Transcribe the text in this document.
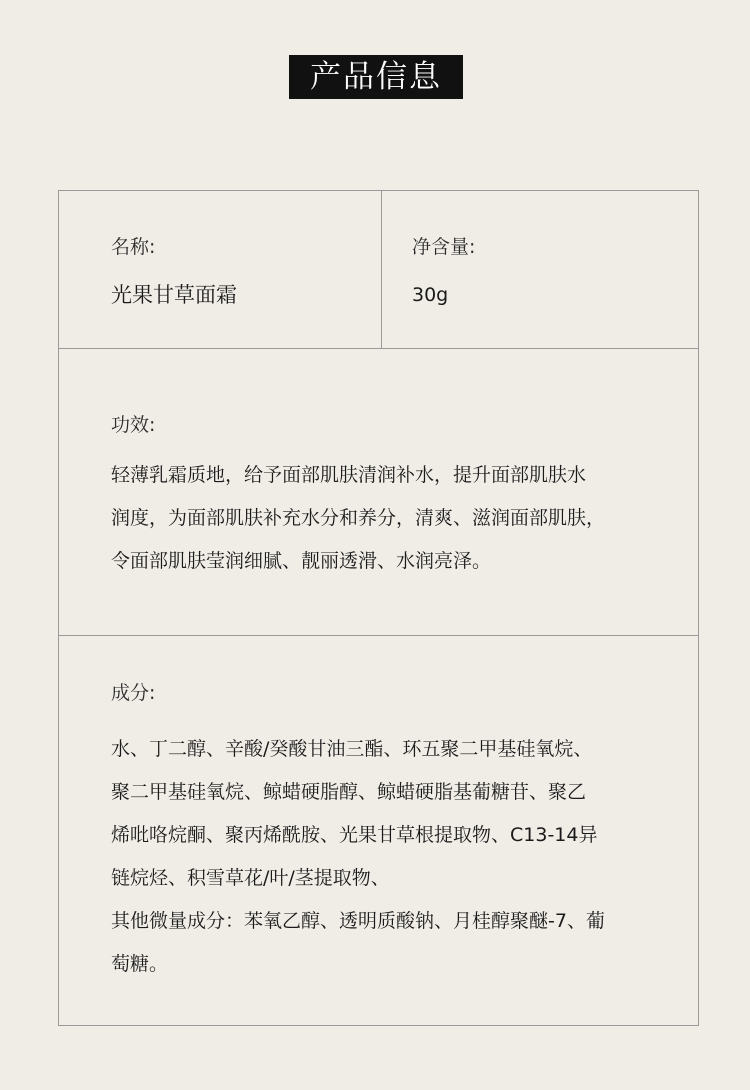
产品信息
名称:
光果甘草面霜
净含量:
30g
功效:

轻薄乳霜质地，给予面部肌肤清润补水，提升面部肌肤水

润度，为面部肌肤补充水分和养分，清爽、滋润面部肌肤，

令面部肌肤莹润细腻、靓丽透滑、水润亮泽。

成分:

水、丁二醇、辛酸/癸酸甘油三酯、环五聚二甲基硅氧烷、

聚二甲基硅氧烷、鲸蜡硬脂醇、鲸蜡硬脂基葡糖苷、聚乙

烯吡咯烷酮、聚丙烯酰胺、光果甘草根提取物、C13-14异

链烷烃、积雪草花/叶/茎提取物、

其他微量成分：苯氧乙醇、透明质酸钠、月桂醇聚醚-7、葡

萄糖。
